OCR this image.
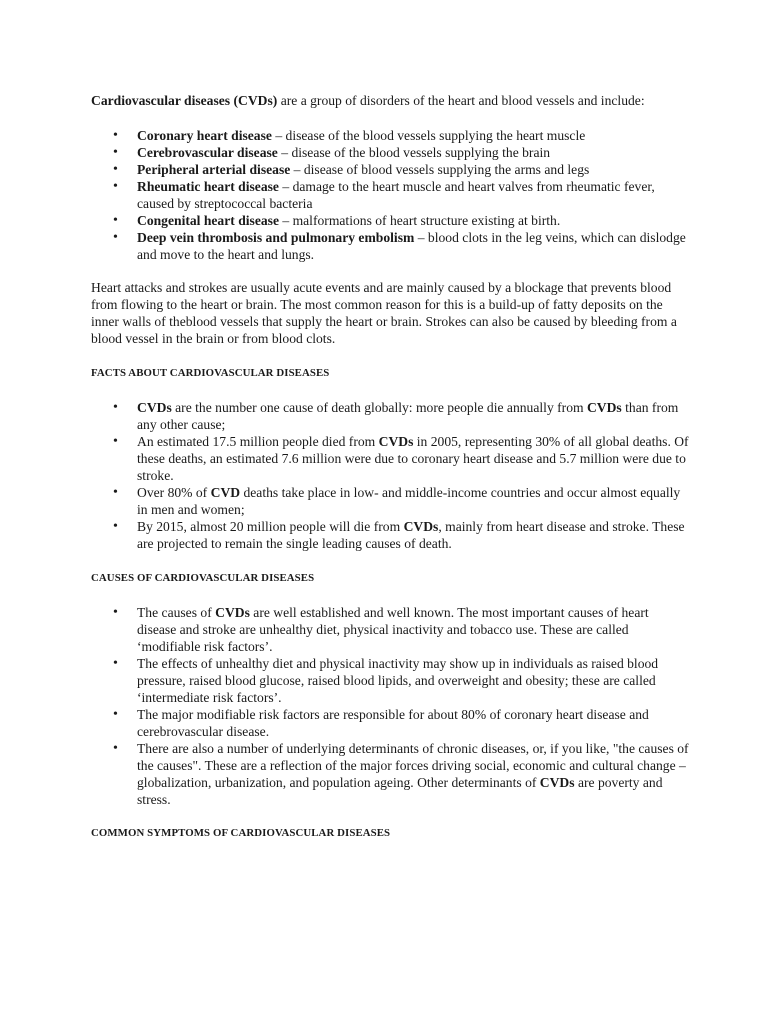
Cardiovascular diseases (CVDs) are a group of disorders of the heart and blood vessels and include:

• Coronary heart disease – disease of the blood vessels supplying the heart muscle
• Cerebrovascular disease – disease of the blood vessels supplying the brain
• Peripheral arterial disease – disease of blood vessels supplying the arms and legs
• Rheumatic heart disease – damage to the heart muscle and heart valves from rheumatic fever, caused by streptococcal bacteria
• Congenital heart disease – malformations of heart structure existing at birth.
• Deep vein thrombosis and pulmonary embolism – blood clots in the leg veins, which can dislodge and move to the heart and lungs.

Heart attacks and strokes are usually acute events and are mainly caused by a blockage that prevents blood from flowing to the heart or brain. The most common reason for this is a build-up of fatty deposits on the inner walls of theblood vessels that supply the heart or brain. Strokes can also be caused by bleeding from a blood vessel in the brain or from blood clots.

FACTS ABOUT CARDIOVASCULAR DISEASES
• CVDs are the number one cause of death globally: more people die annually from CVDs than from any other cause;
• An estimated 17.5 million people died from CVDs in 2005, representing 30% of all global deaths. Of these deaths, an estimated 7.6 million were due to coronary heart disease and 5.7 million were due to stroke.
• Over 80% of CVD deaths take place in low- and middle-income countries and occur almost equally in men and women;
• By 2015, almost 20 million people will die from CVDs, mainly from heart disease and stroke. These are projected to remain the single leading causes of death.
CAUSES OF CARDIOVASCULAR DISEASES
• The causes of CVDs are well established and well known. The most important causes of heart disease and stroke are unhealthy diet, physical inactivity and tobacco use. These are called ‘modifiable risk factors’.
• The effects of unhealthy diet and physical inactivity may show up in individuals as raised blood pressure, raised blood glucose, raised blood lipids, and overweight and obesity; these are called ‘intermediate risk factors’.
• The major modifiable risk factors are responsible for about 80% of coronary heart disease and cerebrovascular disease.
• There are also a number of underlying determinants of chronic diseases, or, if you like, "the causes of the causes". These are a reflection of the major forces driving social, economic and cultural change – globalization, urbanization, and population ageing. Other determinants of CVDs are poverty and stress.
COMMON SYMPTOMS OF CARDIOVASCULAR DISEASES
